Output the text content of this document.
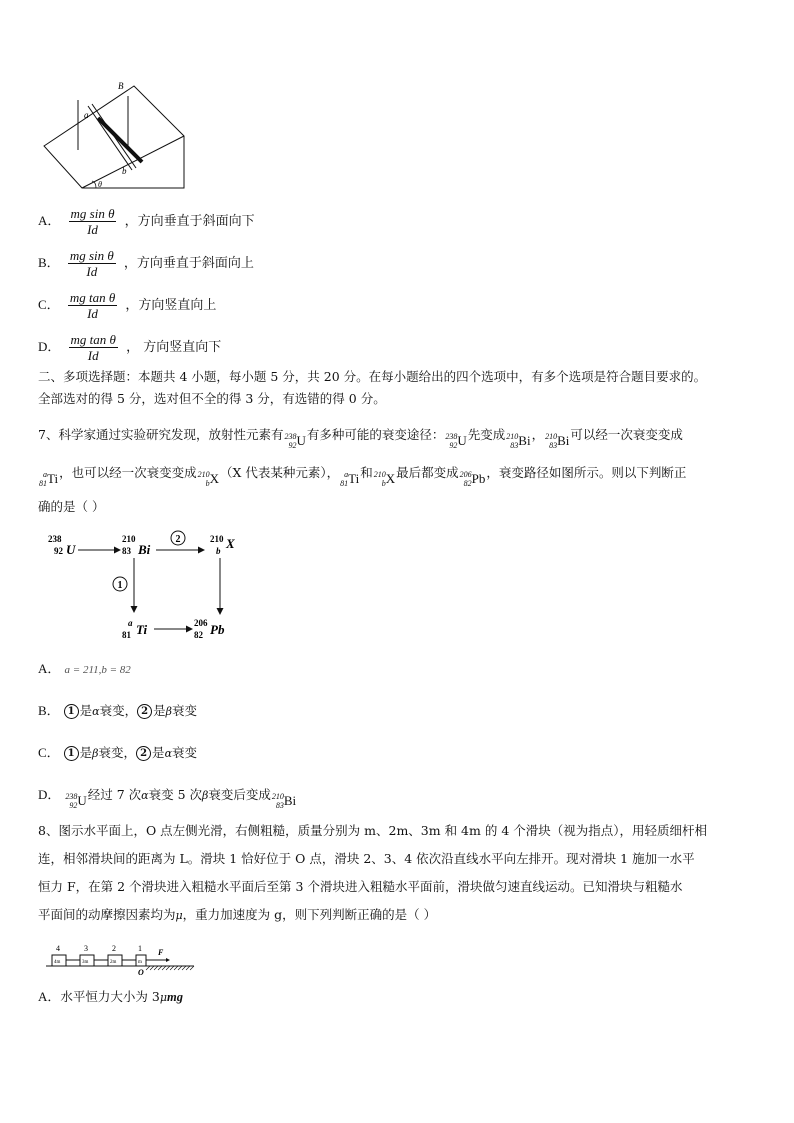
B
a
b
θ
A． $\frac{\text{mg sin θ}}{Id}$ ，方向垂直于斜面向下
B． $\frac{\text{mg sin θ}}{Id}$ ，方向垂直于斜面向上
C． $\frac{\text{mg tan θ}}{Id}$ ，方向竖直向上
D． $\frac{\text{mg tan θ}}{Id}$ ， 方向竖直向下
二、多项选择题：本题共 4 小题，每小题 5 分，共 20 分。在每小题给出的四个选项中，有多个选项是符合题目要求的。
全部选对的得 5 分，选对但不全的得 3 分，有选错的得 0 分。
7、科学家通过实验研究发现，放射性元素有 238
92 U 有多种可能的衰变途径： 238
92 U 先变成 210
83 Bi ， 210
83 Bi 可以经一次衰变变成
a
81 Ti ，也可以经一次衰变变成 210
b X （X 代表某种元素）， a
81 Ti 和 210
b X 最后都变成 206
82 Pb ，衰变路径如图所示。则以下判断正
确的是（ ）
238
92 U
210
83 Bi
2	210
b X
1
a
81 Ti	206
82 Pb
A． a = 211,b = 82
B． 1 是α衰变， 2 是β衰变
C． 1 是β衰变， 2 是α衰变
D． 238
92 U 经过 7 次α衰变 5 次β衰变后变成 210
83 Bi
8、图示水平面上，O 点左侧光滑，右侧粗糙，质量分别为 m、2m、3m 和 4m 的 4 个滑块（视为指点），用轻质细杆相
连，相邻滑块间的距离为 L。滑块 1 恰好位于 O 点，滑块 2、3、4 依次沿直线水平向左排开。现对滑块 1 施加一水平
恒力 F，在第 2 个滑块进入粗糙水平面后至第 3 个滑块进入粗糙水平面前，滑块做匀速直线运动。已知滑块与粗糙水
平面间的动摩擦因素均为μ，重力加速度为 g，则下列判断正确的是（ ）
4m	3m	2m	m
4	3	2	1 F
O
A．水平恒力大小为 3μmg
